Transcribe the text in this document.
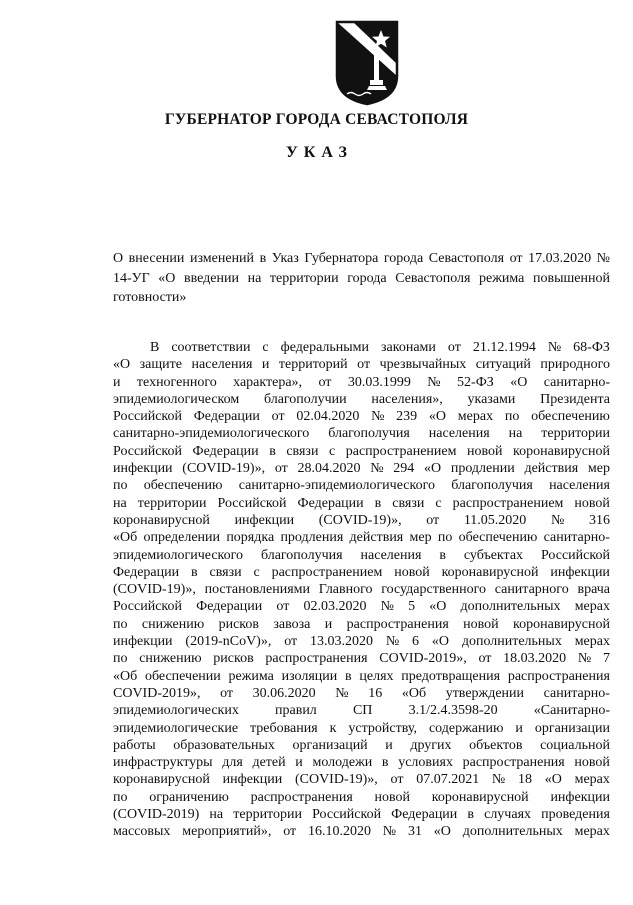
ГУБЕРНАТОР ГОРОДА СЕВАСТОПОЛЯ
УКАЗ
О внесении изменений в Указ Губернатора города Севастополя от 17.03.2020 № 14-УГ «О введении на территории города Севастополя режима повышенной готовности»
В соответствии с федеральными законами от 21.12.1994 № 68-ФЗ
«О защите населения и территорий от чрезвычайных ситуаций природного
и техногенного характера», от 30.03.1999 № 52-ФЗ «О санитарно-
эпидемиологическом благополучии населения», указами Президента
Российской Федерации от 02.04.2020 № 239 «О мерах по обеспечению
санитарно-эпидемиологического благополучия населения на территории
Российской Федерации в связи с распространением новой коронавирусной
инфекции (COVID-19)», от 28.04.2020 № 294 «О продлении действия мер
по обеспечению санитарно-эпидемиологического благополучия населения
на территории Российской Федерации в связи с распространением новой
коронавирусной инфекции (COVID-19)», от 11.05.2020 № 316
«Об определении порядка продления действия мер по обеспечению санитарно-
эпидемиологического благополучия населения в субъектах Российской
Федерации в связи с распространением новой коронавирусной инфекции
(COVID-19)», постановлениями Главного государственного санитарного врача
Российской Федерации от 02.03.2020 № 5 «О дополнительных мерах
по снижению рисков завоза и распространения новой коронавирусной
инфекции (2019-nCoV)», от 13.03.2020 № 6 «О дополнительных мерах
по снижению рисков распространения COVID-2019», от 18.03.2020 № 7
«Об обеспечении режима изоляции в целях предотвращения распространения
COVID-2019», от 30.06.2020 № 16 «Об утверждении санитарно-
эпидемиологических	правил	СП	3.1/2.4.3598-20	«Санитарно-
эпидемиологические требования к устройству, содержанию и организации
работы образовательных организаций и других объектов социальной
инфраструктуры для детей и молодежи в условиях распространения новой
коронавирусной инфекции (COVID-19)», от 07.07.2021 № 18 «О мерах
по ограничению распространения новой коронавирусной инфекции
(COVID-2019) на территории Российской Федерации в случаях проведения
массовых мероприятий», от 16.10.2020 № 31 «О дополнительных мерах
